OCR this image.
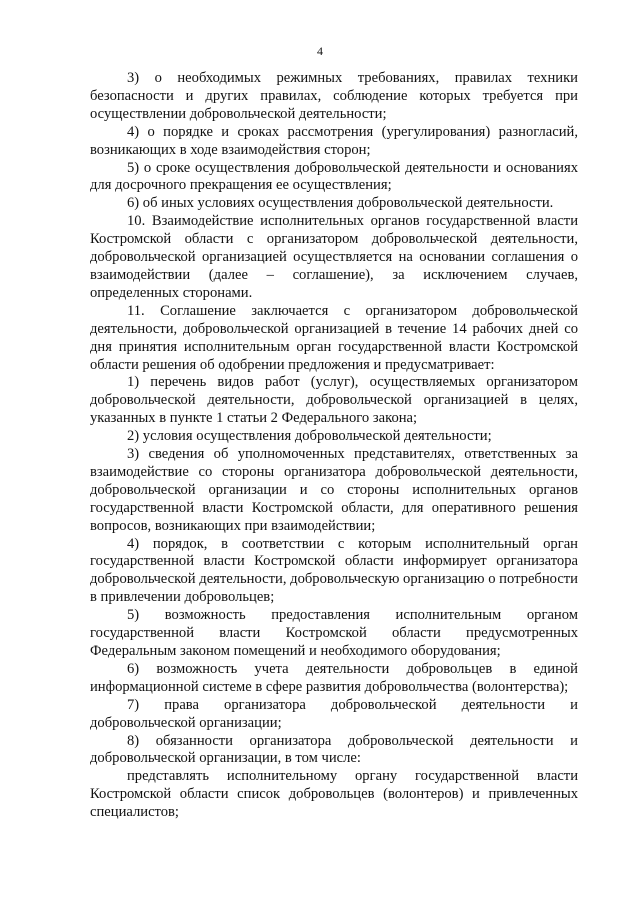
4

3) о необходимых режимных требованиях, правилах техники безопасности и других правилах, соблюдение которых требуется при осуществлении добровольческой деятельности;

4) о порядке и сроках рассмотрения (урегулирования) разногласий, возникающих в ходе взаимодействия сторон;

5) о сроке осуществления добровольческой деятельности и основаниях для досрочного прекращения ее осуществления;

6) об иных условиях осуществления добровольческой деятельности.

10. Взаимодействие исполнительных органов государственной власти Костромской области с организатором добровольческой деятельности, добровольческой организацией осуществляется на основании соглашения о взаимодействии (далее – соглашение), за исключением случаев, определенных сторонами.

11. Соглашение заключается с организатором добровольческой деятельности, добровольческой организацией в течение 14 рабочих дней со дня принятия исполнительным орган государственной власти Костромской области решения об одобрении предложения и предусматривает:

1) перечень видов работ (услуг), осуществляемых организатором добровольческой деятельности, добровольческой организацией в целях, указанных в пункте 1 статьи 2 Федерального закона;

2) условия осуществления добровольческой деятельности;

3) сведения об уполномоченных представителях, ответственных за взаимодействие со стороны организатора добровольческой деятельности, добровольческой организации и со стороны исполнительных органов государственной власти Костромской области, для оперативного решения вопросов, возникающих при взаимодействии;

4) порядок, в соответствии с которым исполнительный орган государственной власти Костромской области информирует организатора добровольческой деятельности, добровольческую организацию о потребности в привлечении добровольцев;

5) возможность предоставления исполнительным органом государственной власти Костромской области предусмотренных Федеральным законом помещений и необходимого оборудования;

6) возможность учета деятельности добровольцев в единой информационной системе в сфере развития добровольчества (волонтерства);

7) права организатора добровольческой деятельности и добровольческой организации;

8) обязанности организатора добровольческой деятельности и добровольческой организации, в том числе:

представлять исполнительному органу государственной власти Костромской области список добровольцев (волонтеров) и привлеченных специалистов;
